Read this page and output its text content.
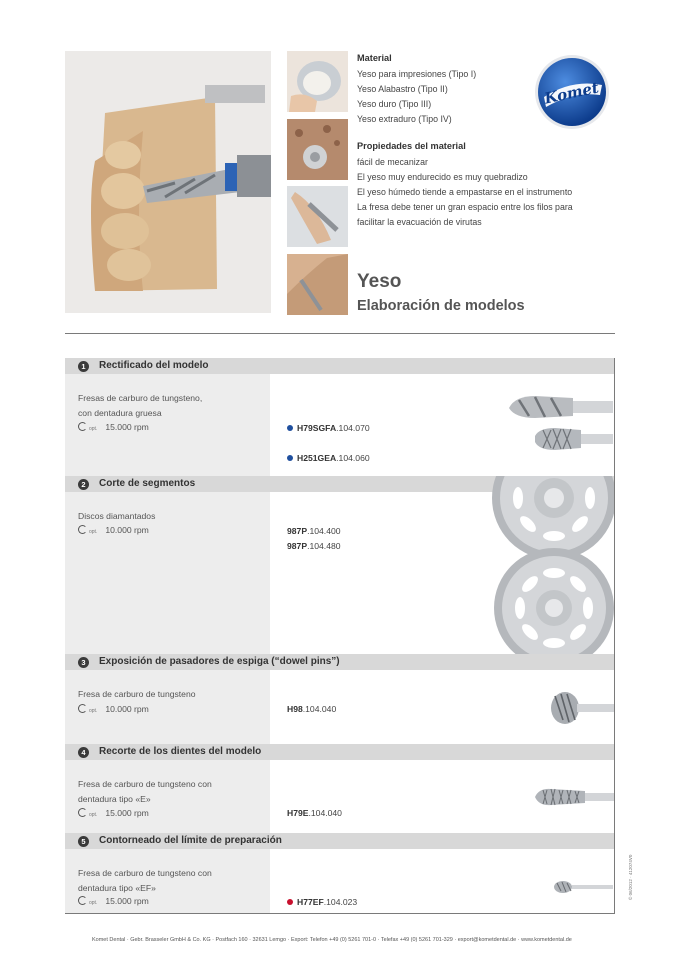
Material
Yeso para impresiones (Tipo I)
Yeso Alabastro (Tipo II)
Yeso duro (Tipo III)
Yeso extraduro (Tipo IV)
Propiedades del material
fácil de mecanizar
El yeso muy endurecido es muy quebradizo
El yeso húmedo tiende a empastarse en el instrumento
La fresa debe tener un gran espacio entre los filos para
facilitar la evacuación de virutas
Komet
Yeso
Elaboración de modelos
1	Rectificado del modelo
Fresas de carburo de tungsteno,
con dentadura gruesa
opt. 15.000 rpm	H79SGFA.104.070
H251GEA.104.060
2	Corte de segmentos
Discos diamantados
opt. 10.000 rpm	987P.104.400
987P.104.480
3	Exposición de pasadores de espiga (“dowel pins”)
Fresa de carburo de tungsteno
opt. 10.000 rpm	H98.104.040
4	Recorte de los dientes del modelo
Fresa de carburo de tungsteno con
dentadura tipo «E»
opt. 15.000 rpm	H79E.104.040
5	Contorneado del límite de preparación
Fresa de carburo de tungsteno con
dentadura tipo «EF»
opt. 15.000 rpm	H77EF.104.023
© 06/2012 · 412074V0
Komet Dental · Gebr. Brasseler GmbH & Co. KG · Postfach 160 · 32631 Lemgo · Export: Telefon +49 (0) 5261 701-0 · Telefax +49 (0) 5261 701-329 · export@kometdental.de · www.kometdental.de
